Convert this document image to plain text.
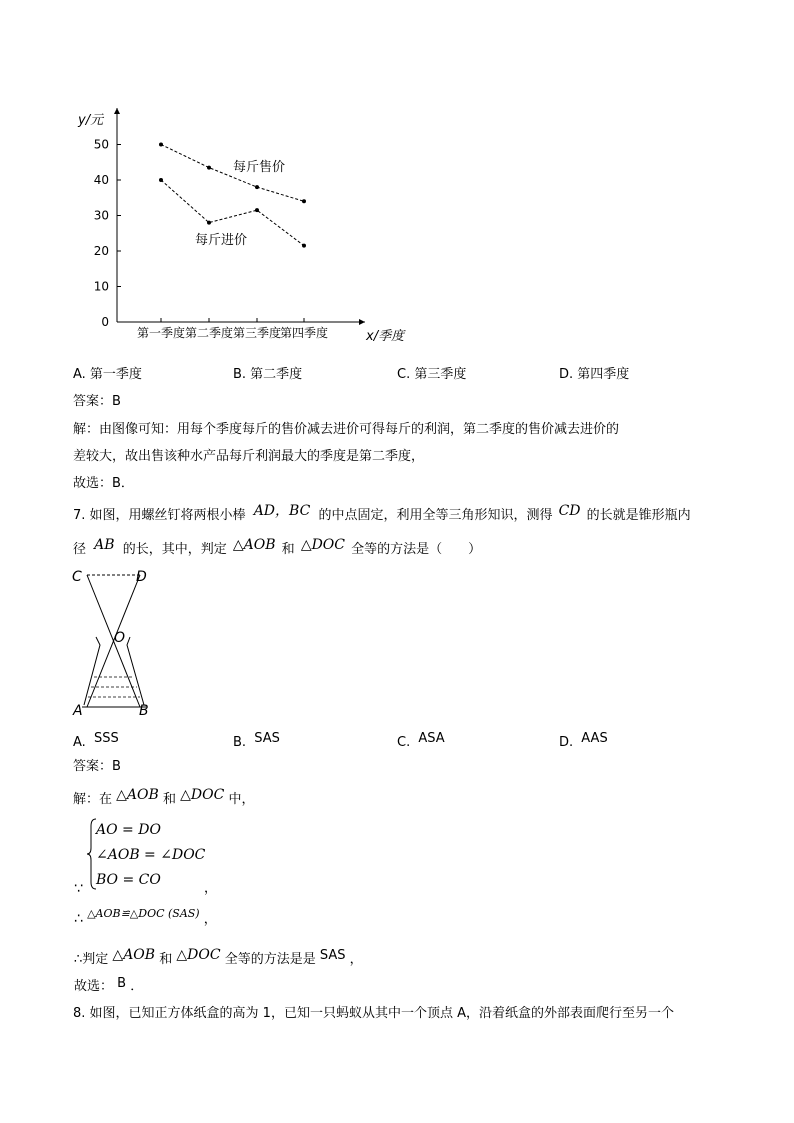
0
10
20
30
40
50
第一季度 第二季度 第三季度
第四季度
y/元
x/季度
每斤售价
每斤进价
A. 第一季度	B. 第二季度	C. 第三季度	D. 第四季度
答案：B
解：由图像可知：用每个季度每斤的售价减去进价可得每斤的利润，第二季度的售价减去进价的
差较大，故出售该种水产品每斤利润最大的季度是第二季度，
故选：B．
7. 如图，用螺丝钉将两根小棒 AD，BC 的中点固定，利用全等三角形知识，测得 CD 的长就是锥形瓶内
径 AB 的长，其中，判定 △AOB 和 △DOC 全等的方法是（　　）
C	D
O
A	B
A. SSS	B. SAS	C. ASA	D. AAS
答案：B
解：在 △AOB 和 △DOC 中，
AO = DO
∠AOB = ∠DOC
BO = CO
∵	，
∴ $^{\triangle AOB≌\triangle DOC (SAS)}$ ，
∴判定 △AOB 和 △DOC 全等的方法是是 SAS ，
故选： B ．
8. 如图，已知正方体纸盒的高为 1，已知一只蚂蚁从其中一个顶点 A，沿着纸盒的外部表面爬行至另一个
